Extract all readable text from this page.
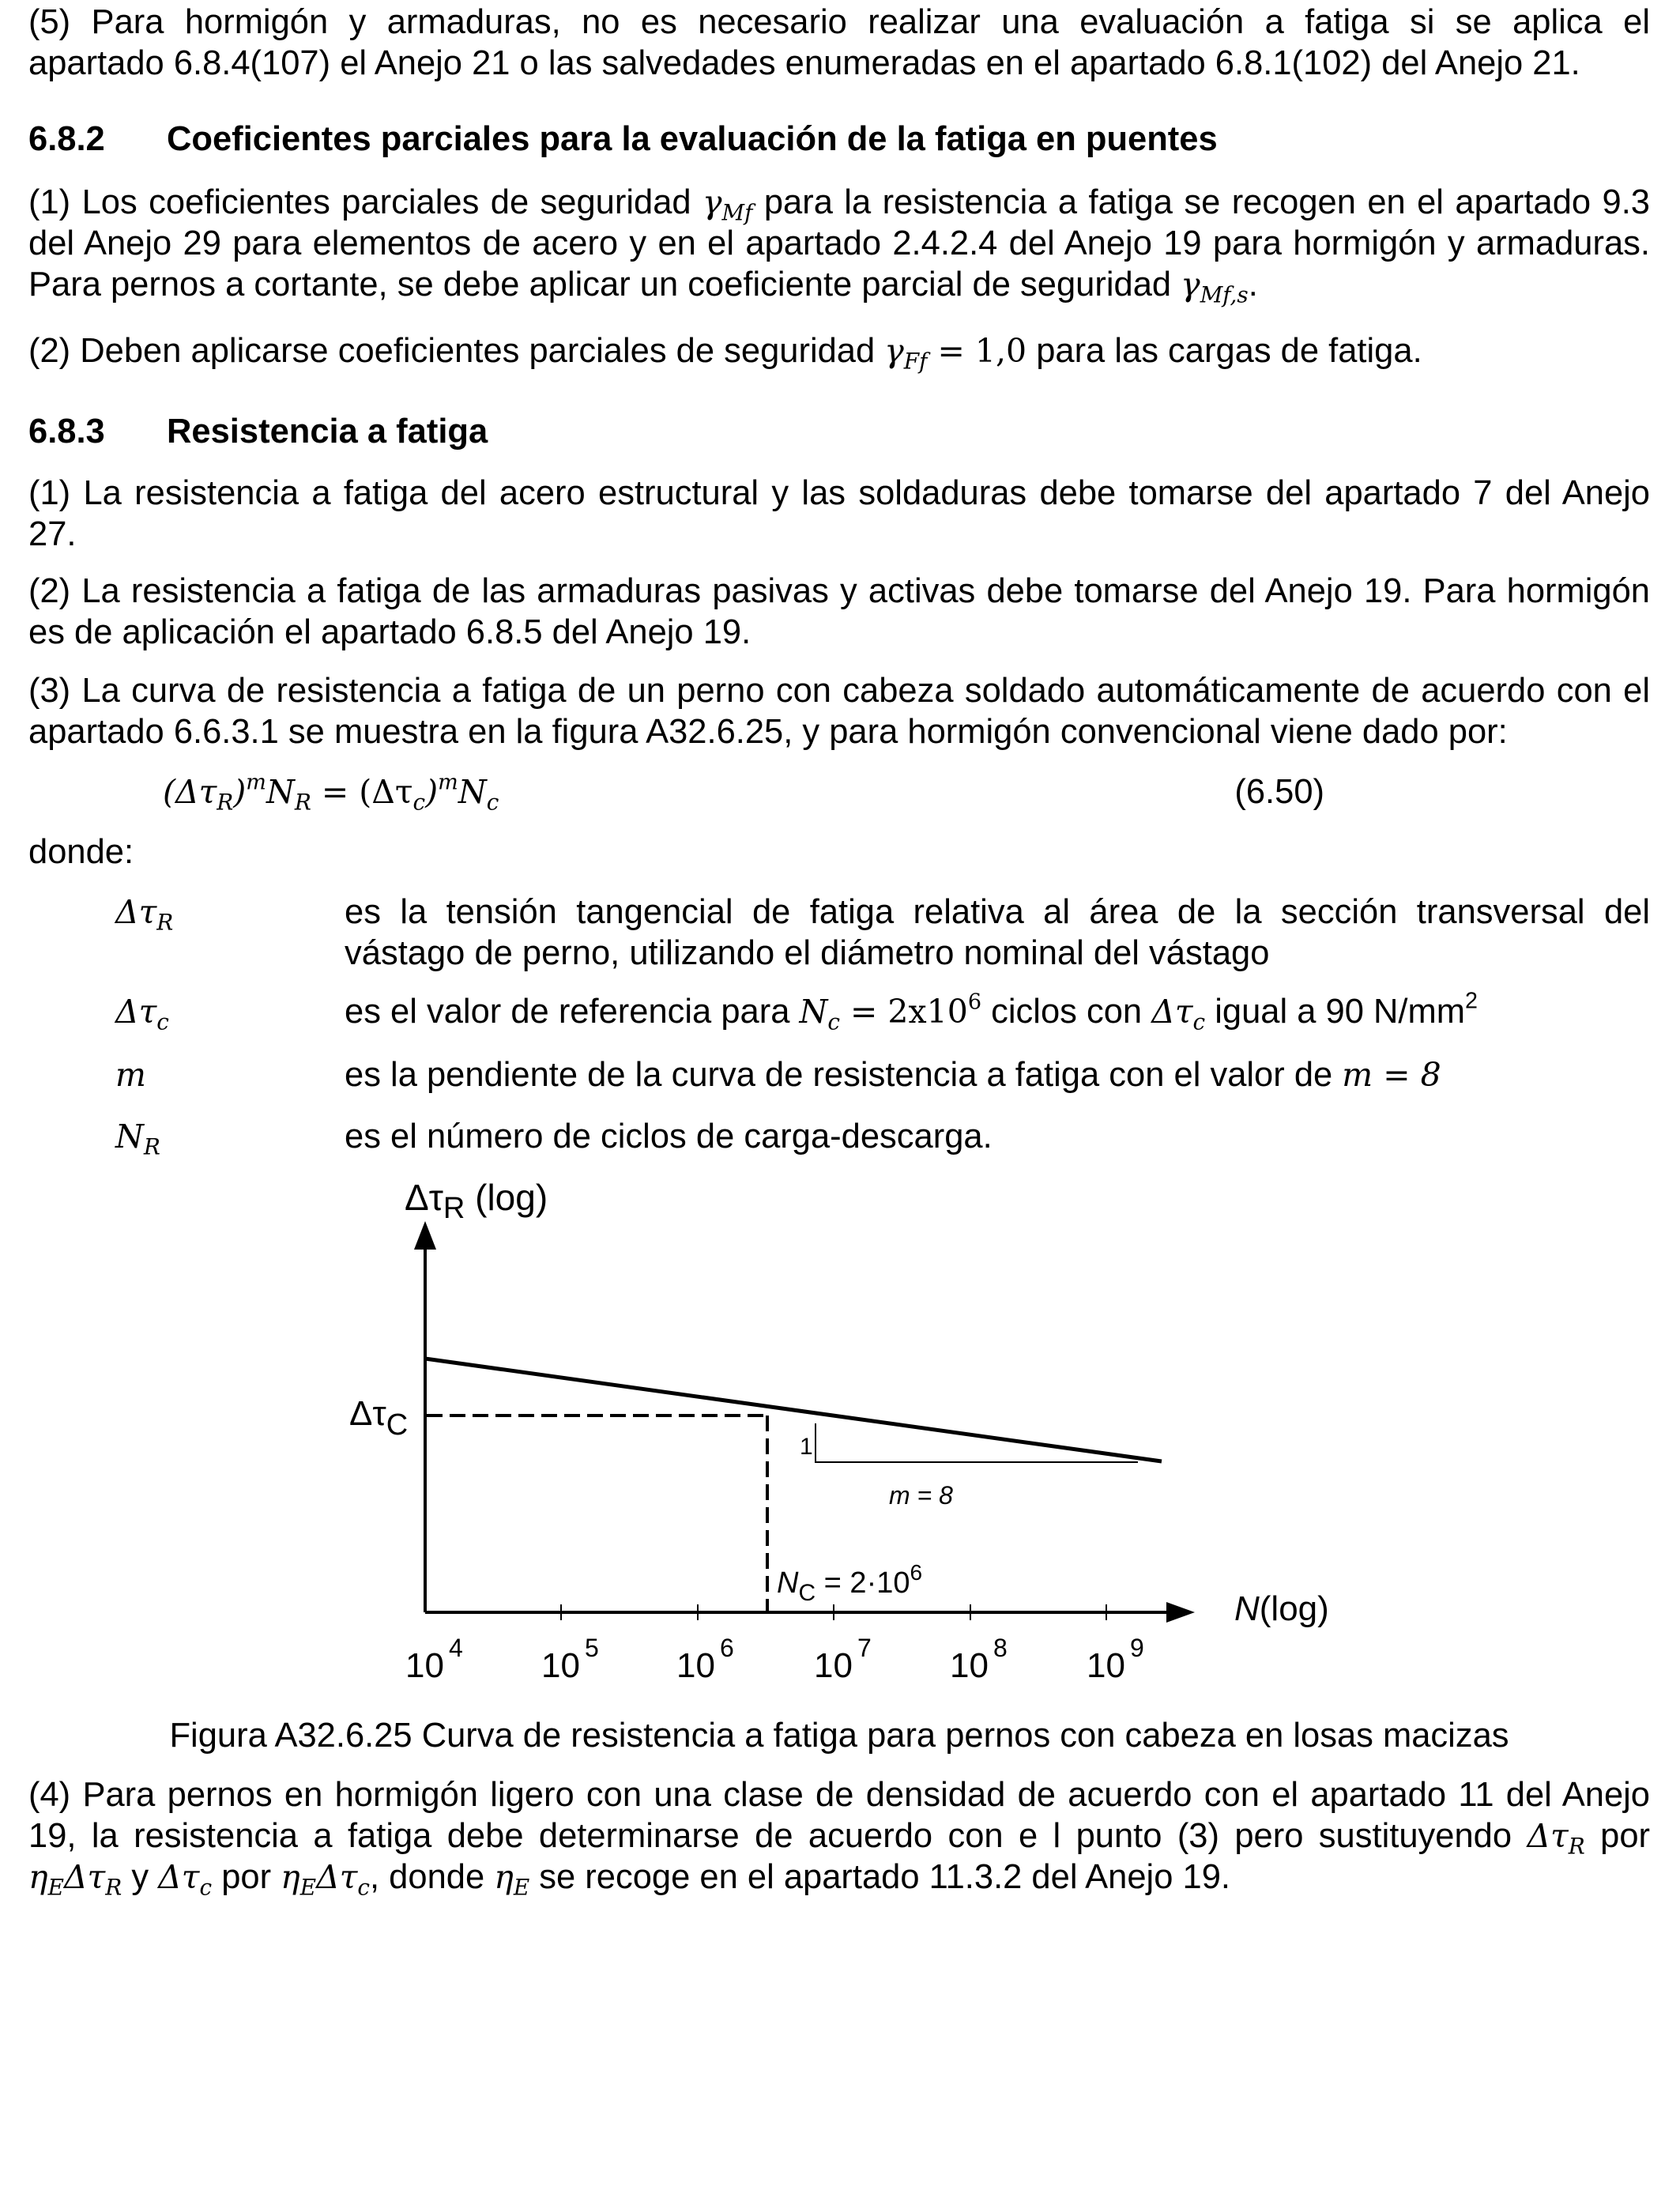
(5) Para hormigón y armaduras, no es necesario realizar una evaluación a fatiga si se aplica el

apartado 6.8.4(107) el Anejo 21 o las salvedades enumeradas en el apartado 6.8.1(102) del Anejo 21.

6.8.2	Coeficientes parciales para la evaluación de la fatiga en puentes

(1) Los coeficientes parciales de seguridad $\gamma_{Mf}$ para la resistencia a fatiga se recogen en el apartado 9.3 del Anejo 29 para elementos de acero y en el apartado 2.4.2.4 del Anejo 19 para hormigón y armaduras. Para pernos a cortante, se debe aplicar un coeficiente parcial de seguridad $\gamma_{Mf,s}$.

(2) Deben aplicarse coeficientes parciales de seguridad $\gamma_{Ff} = 1,0$ para las cargas de fatiga.

6.8.3	Resistencia a fatiga

(1) La resistencia a fatiga del acero estructural y las soldaduras debe tomarse del apartado 7 del Anejo 27.

(2) La resistencia a fatiga de las armaduras pasivas y activas debe tomarse del Anejo 19. Para hormigón es de aplicación el apartado 6.8.5 del Anejo 19.

(3) La curva de resistencia a fatiga de un perno con cabeza soldado automáticamente de acuerdo con el apartado 6.6.3.1 se muestra en la figura A32.6.25, y para hormigón convencional viene dado por:

$(\Delta\tau_R)^mN_R = (\Delta\tau_c)^mN_c$	(6.50)

donde:

$\Delta\tau_R$	es la tensión tangencial de fatiga relativa al área de la sección transversal del vástago de perno, utilizando el diámetro nominal del vástago

$\Delta\tau_c$	es el valor de referencia para $N_c = 2x10^6$ ciclos con $\Delta\tau_c$ igual a 90 $N/mm^2$

m	es la pendiente de la curva de resistencia a fatiga con el valor de m = 8

$N_R$	es el número de ciclos de carga-descarga.

$\Delta\tau_R$ (log)
ΔτC
1
m = 8
$N_C = 2\cdot 10^6$
N(log)
10 $^4$ 10 $^5$ 10 $^6$ 10 $^7$ 10 $^8$ 10 $^9$
Figura A32.6.25 Curva de resistencia a fatiga para pernos con cabeza en losas macizas

(4) Para pernos en hormigón ligero con una clase de densidad de acuerdo con el apartado 11 del Anejo 19, la resistencia a fatiga debe determinarse de acuerdo con e l punto (3) pero sustituyendo $\Delta\tau_R$ por $\eta_E\Delta\tau_R$ y $\Delta\tau_c$ por $\eta_E\Delta\tau_c$, donde $\eta_E$ se recoge en el apartado 11.3.2 del Anejo 19.
